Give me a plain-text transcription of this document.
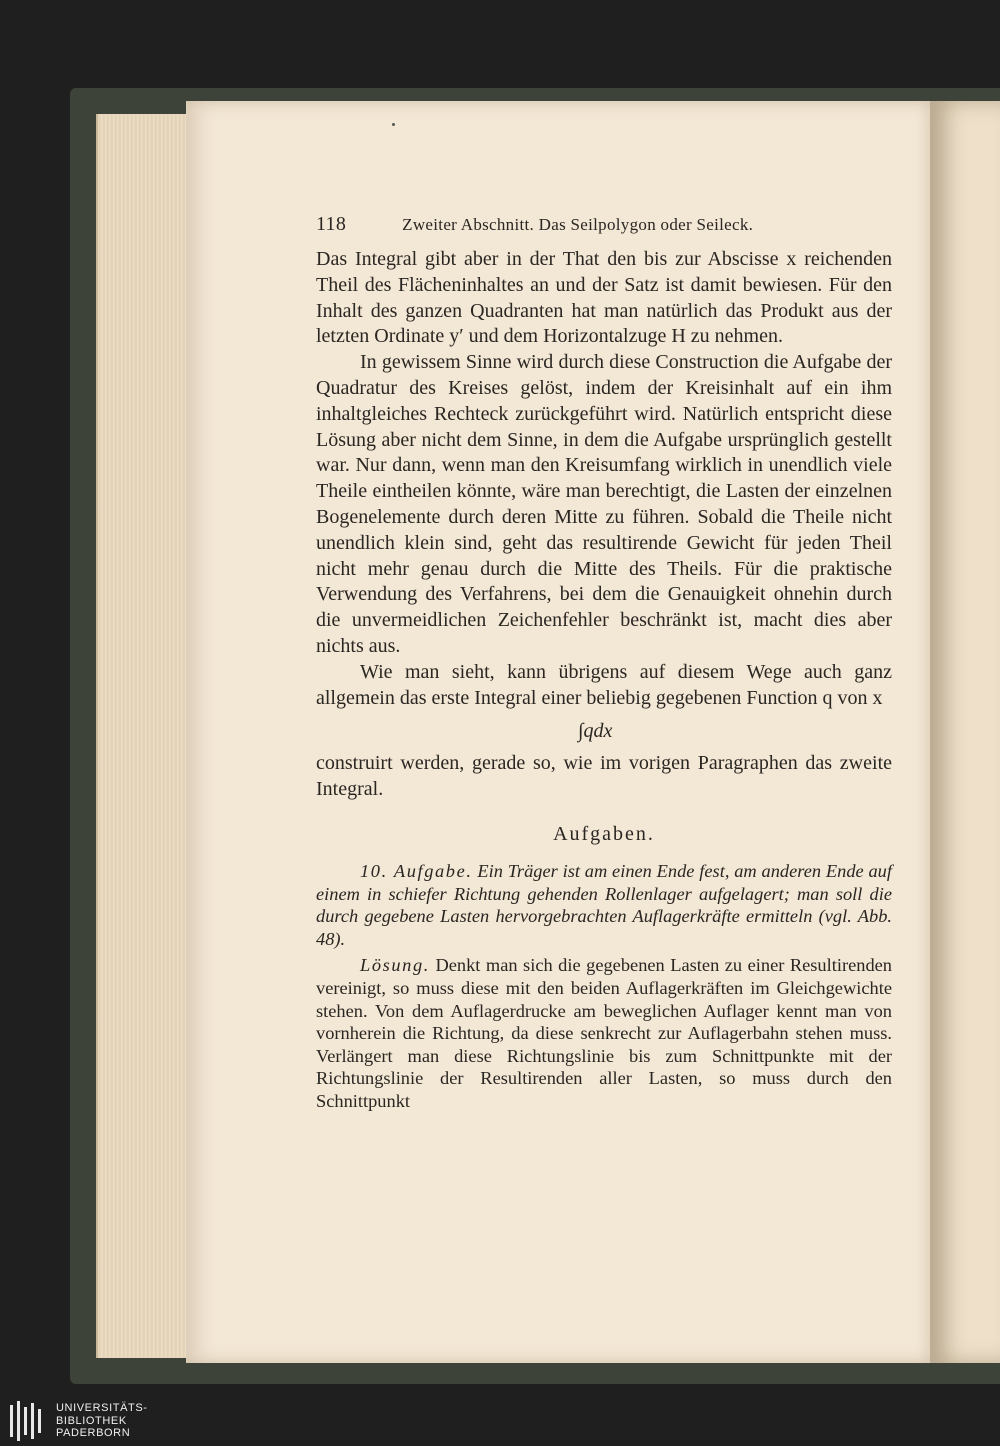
118	Zweiter Abschnitt. Das Seilpolygon oder Seileck.

Das Integral gibt aber in der That den bis zur Abscisse x reichenden Theil des Flächeninhaltes an und der Satz ist damit bewiesen. Für den Inhalt des ganzen Quadranten hat man natürlich das Produkt aus der letzten Ordinate y′ und dem Horizontalzuge H zu nehmen.

In gewissem Sinne wird durch diese Construction die Aufgabe der Quadratur des Kreises gelöst, indem der Kreisinhalt auf ein ihm inhaltgleiches Rechteck zurückgeführt wird. Natürlich entspricht diese Lösung aber nicht dem Sinne, in dem die Aufgabe ursprünglich gestellt war. Nur dann, wenn man den Kreisumfang wirklich in unendlich viele Theile eintheilen könnte, wäre man berechtigt, die Lasten der einzelnen Bogenelemente durch deren Mitte zu führen. Sobald die Theile nicht unendlich klein sind, geht das resultirende Gewicht für jeden Theil nicht mehr genau durch die Mitte des Theils. Für die praktische Verwendung des Verfahrens, bei dem die Genauigkeit ohnehin durch die unvermeidlichen Zeichenfehler beschränkt ist, macht dies aber nichts aus.

Wie man sieht, kann übrigens auf diesem Wege auch ganz allgemein das erste Integral einer beliebig gegebenen Function q von x

∫qdx

construirt werden, gerade so, wie im vorigen Paragraphen das zweite Integral.

Aufgaben.

10. Aufgabe. Ein Träger ist am einen Ende fest, am anderen Ende auf einem in schiefer Richtung gehenden Rollenlager aufgelagert; man soll die durch gegebene Lasten hervorgebrachten Auflagerkräfte ermitteln (vgl. Abb. 48).

Lösung. Denkt man sich die gegebenen Lasten zu einer Resultirenden vereinigt, so muss diese mit den beiden Auflagerkräften im Gleichgewichte stehen. Von dem Auflagerdrucke am beweglichen Auflager kennt man von vornherein die Richtung, da diese senkrecht zur Auflagerbahn stehen muss. Verlängert man diese Richtungslinie bis zum Schnittpunkte mit der Richtungslinie der Resultirenden aller Lasten, so muss durch den Schnittpunkt

UNIVERSITÄTS-
BIBLIOTHEK
PADERBORN
